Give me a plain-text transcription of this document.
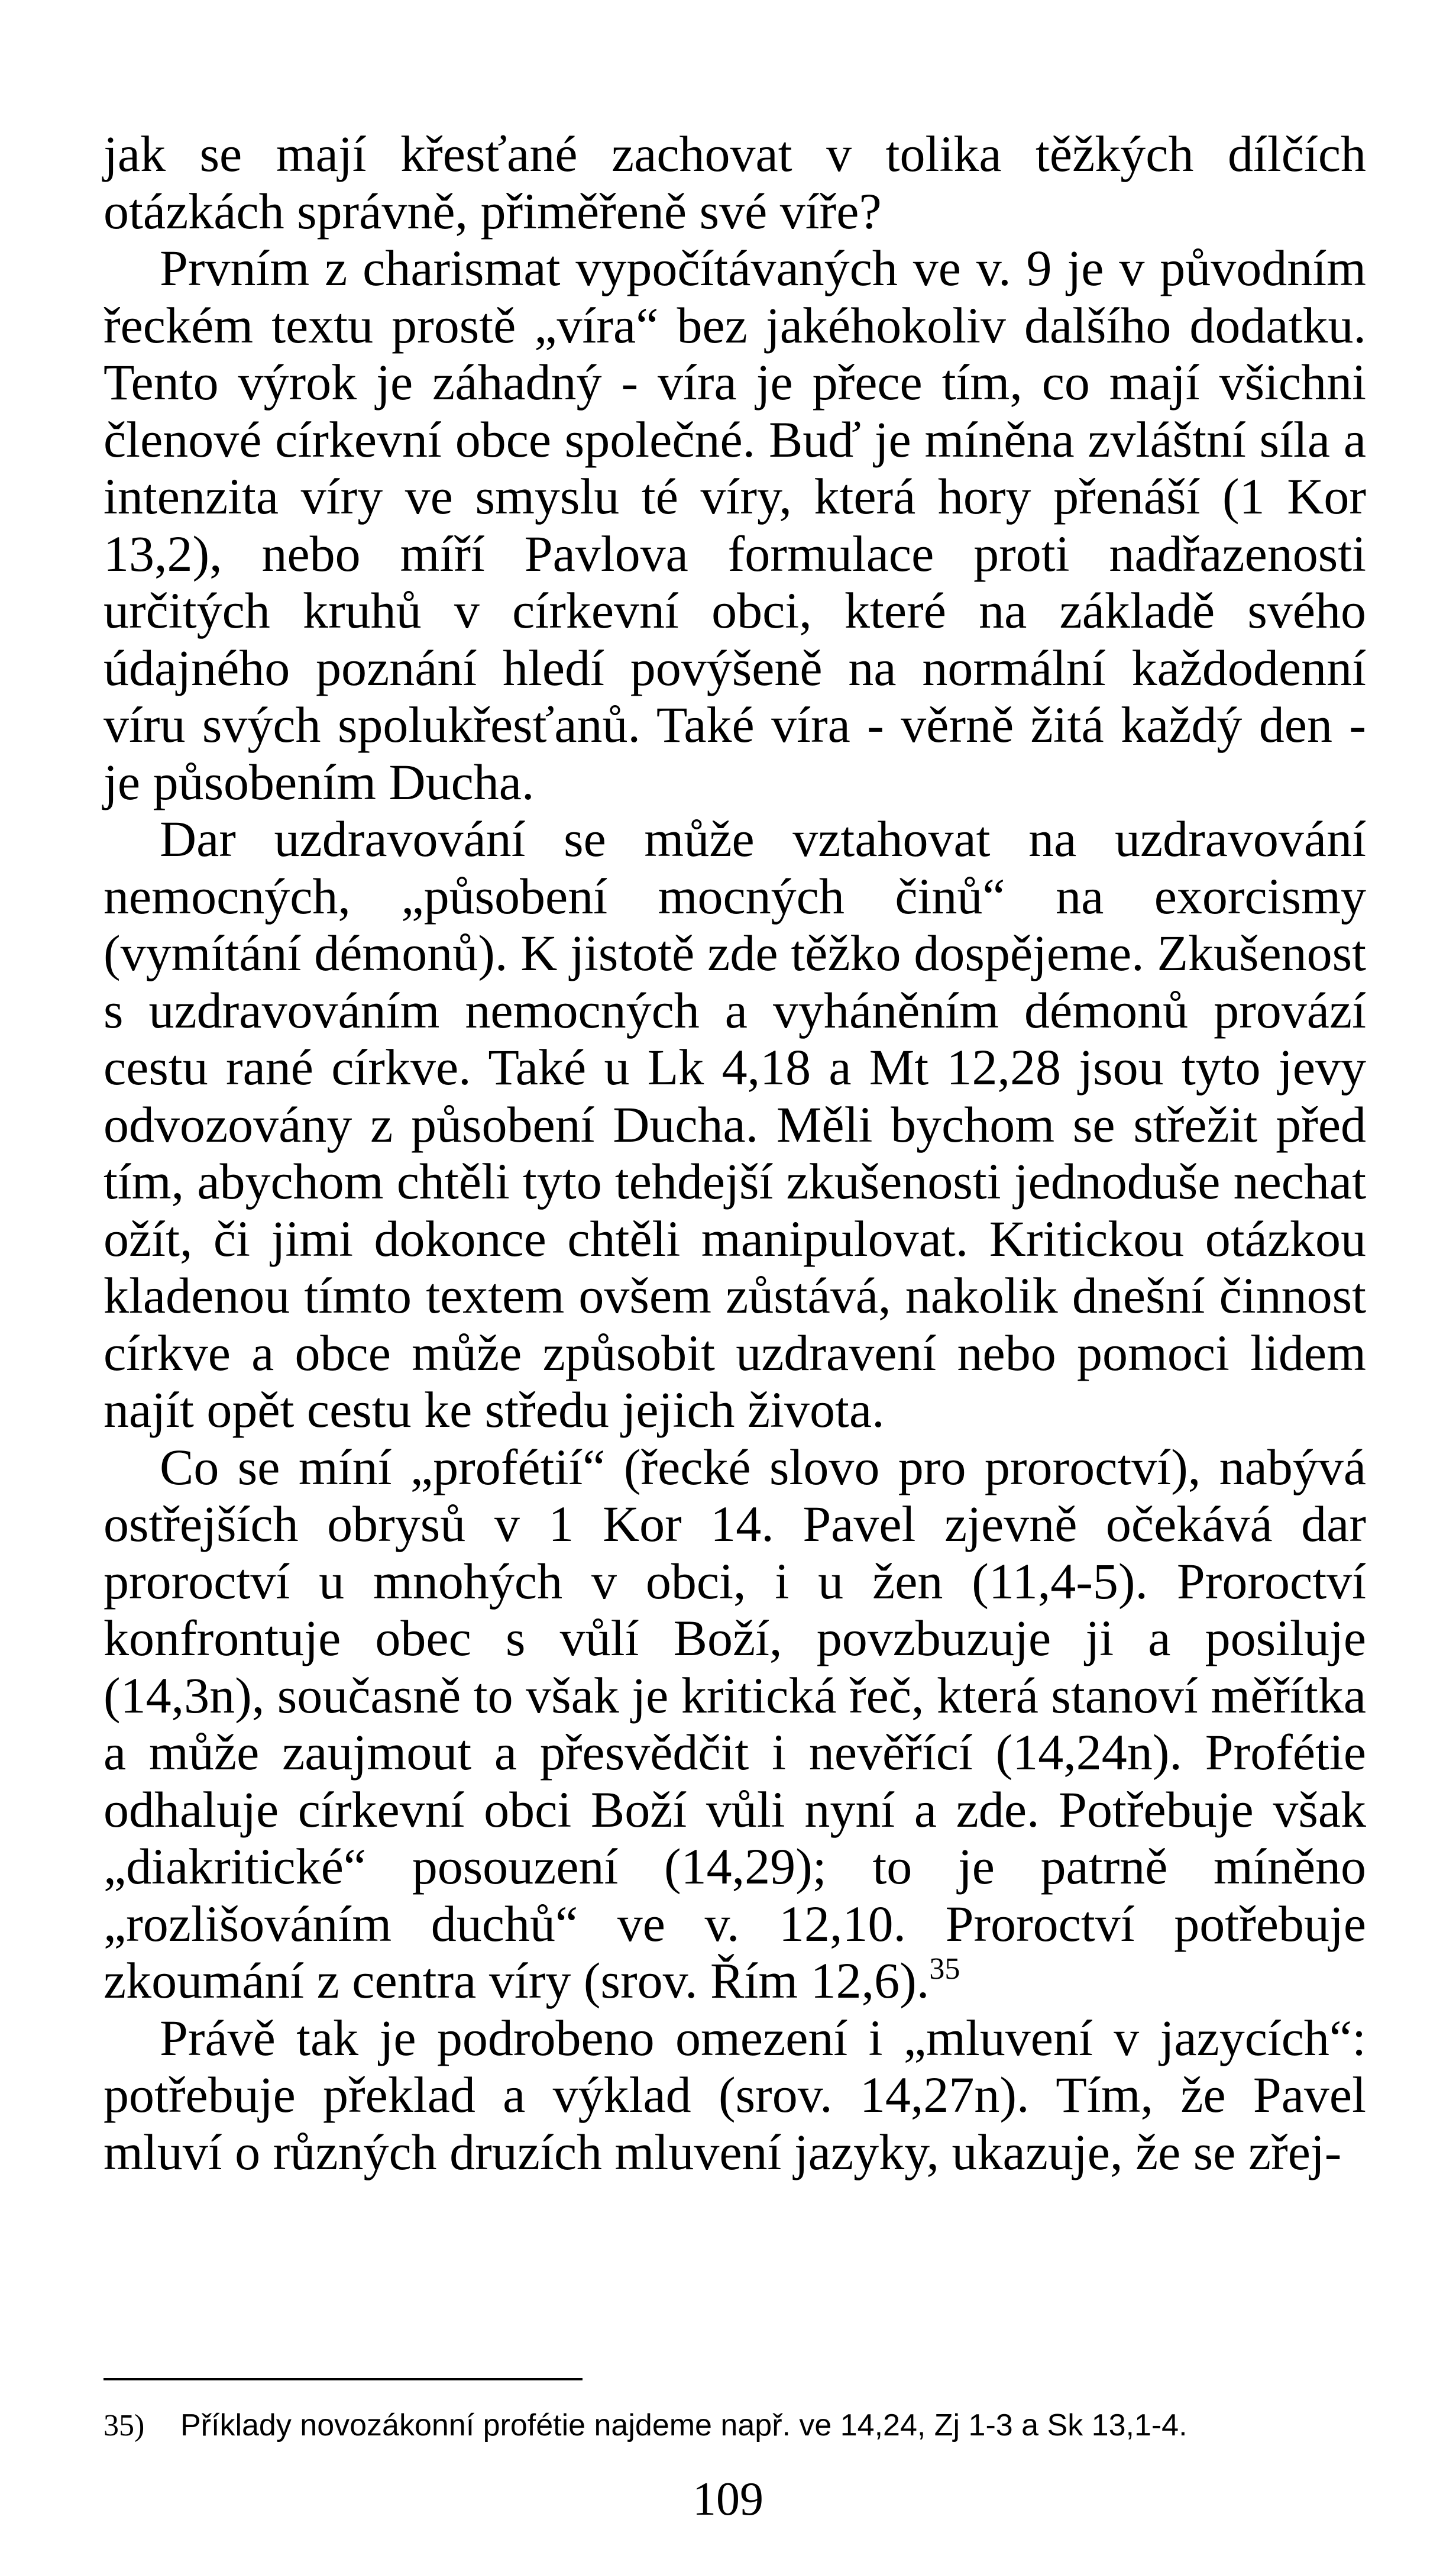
jak se mají křesťané zachovat v tolika těžkých dílčích otázkách správně, přiměřeně své víře?

Prvním z charismat vypočítávaných ve v. 9 je v původním řeckém textu prostě „víra“ bez jakéhokoliv dalšího dodatku. Tento výrok je záhadný - víra je přece tím, co mají všichni členové církevní obce společné. Buď je míněna zvláštní síla a intenzita víry ve smyslu té víry, která hory přenáší (1 Kor 13,2), nebo míří Pavlova formulace proti nadřazenosti určitých kruhů v církevní obci, které na základě svého údajného poznání hledí povýšeně na normální každodenní víru svých spolukřesťanů. Také víra - věrně žitá každý den - je působením Ducha.

Dar uzdravování se může vztahovat na uzdravování nemocných, „působení mocných činů“ na exorcismy (vymítání démonů). K jistotě zde těžko dospějeme. Zkušenost s uzdravováním nemocných a vyháněním démonů provází cestu rané církve. Také u Lk 4,18 a Mt 12,28 jsou tyto jevy odvozovány z působení Ducha. Měli bychom se střežit před tím, abychom chtěli tyto tehdejší zkušenosti jednoduše nechat ožít, či jimi dokonce chtěli manipulovat. Kritickou otázkou kladenou tímto textem ovšem zůstává, nakolik dnešní činnost církve a obce může způsobit uzdravení nebo pomoci lidem najít opět cestu ke středu jejich života.

Co se míní „profétií“ (řecké slovo pro proroctví), nabývá ostřejších obrysů v 1 Kor 14. Pavel zjevně očekává dar proroctví u mnohých v obci, i u žen (11,4-5). Proroctví konfrontuje obec s vůlí Boží, povzbuzuje ji a posiluje (14,3n), současně to však je kritická řeč, která stanoví měřítka a může zaujmout a přesvědčit i nevěřící (14,24n). Profétie odhaluje církevní obci Boží vůli nyní a zde. Potřebuje však „diakritické“ posouzení (14,29); to je patrně míněno „rozlišováním duchů“ ve v. 12,10. Proroctví potřebuje zkoumání z centra víry (srov. Řím 12,6).$^{35}$

Právě tak je podrobeno omezení i „mluvení v jazycích“: potřebuje překlad a výklad (srov. 14,27n). Tím, že Pavel mluví o různých druzích mluvení jazyky, ukazuje, že se zřej-

35) Příklady novozákonní profétie najdeme např. ve 14,24, Zj 1-3 a Sk 13,1-4.

109
